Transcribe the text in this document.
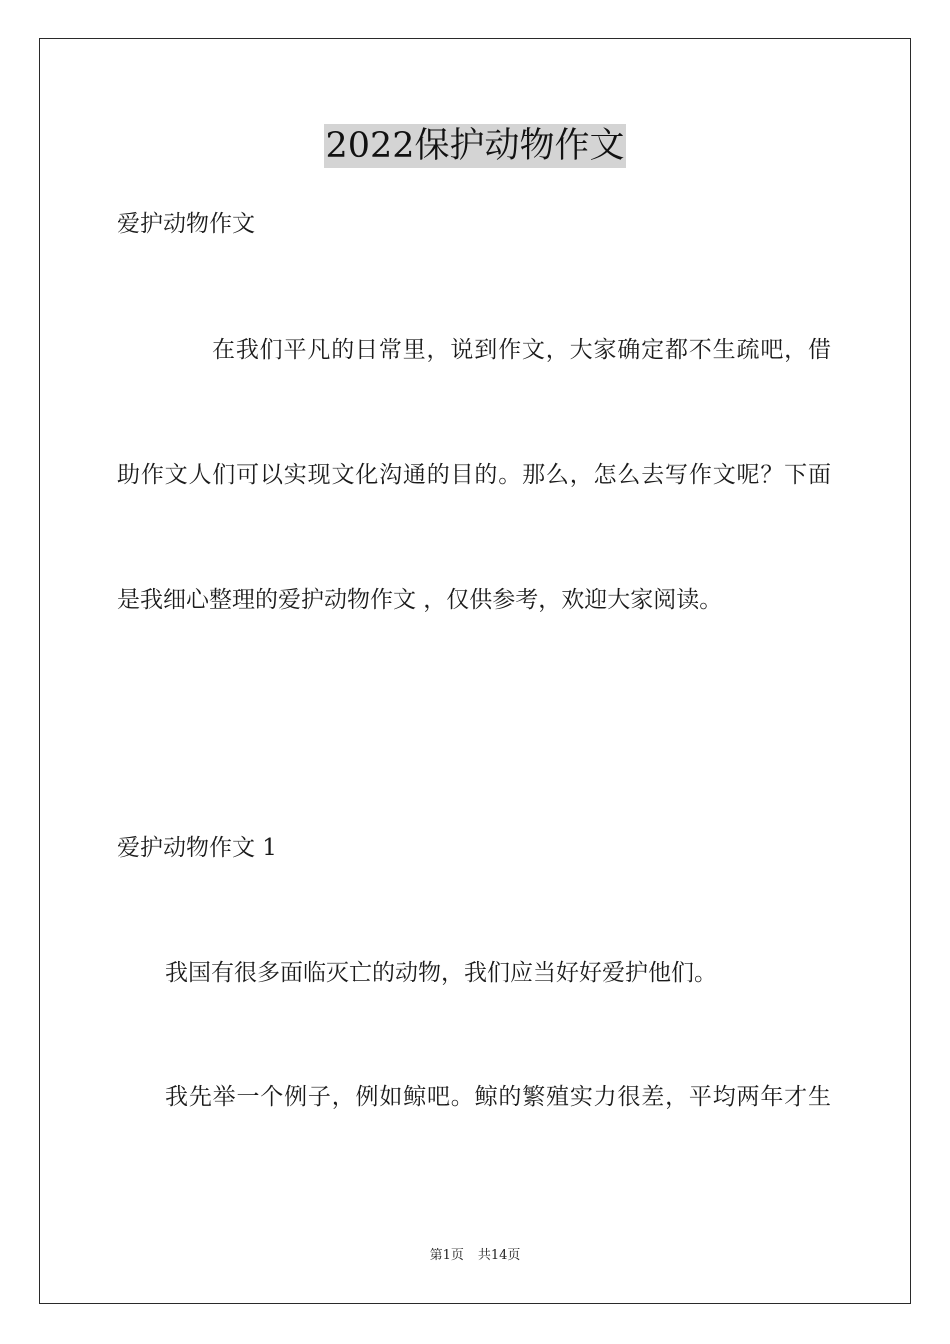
2022保护动物作文
爱护动物作文
在我们平凡的日常里，说到作文，大家确定都不生疏吧，借
助作文人们可以实现文化沟通的目的。那么，怎么去写作文呢？下面
是我细心整理的爱护动物作文 ，仅供参考，欢迎大家阅读。
爱护动物作文 1
我国有很多面临灭亡的动物，我们应当好好爱护他们。
我先举一个例子，例如鲸吧。鲸的繁殖实力很差，平均两年才生
第1页 共14页
